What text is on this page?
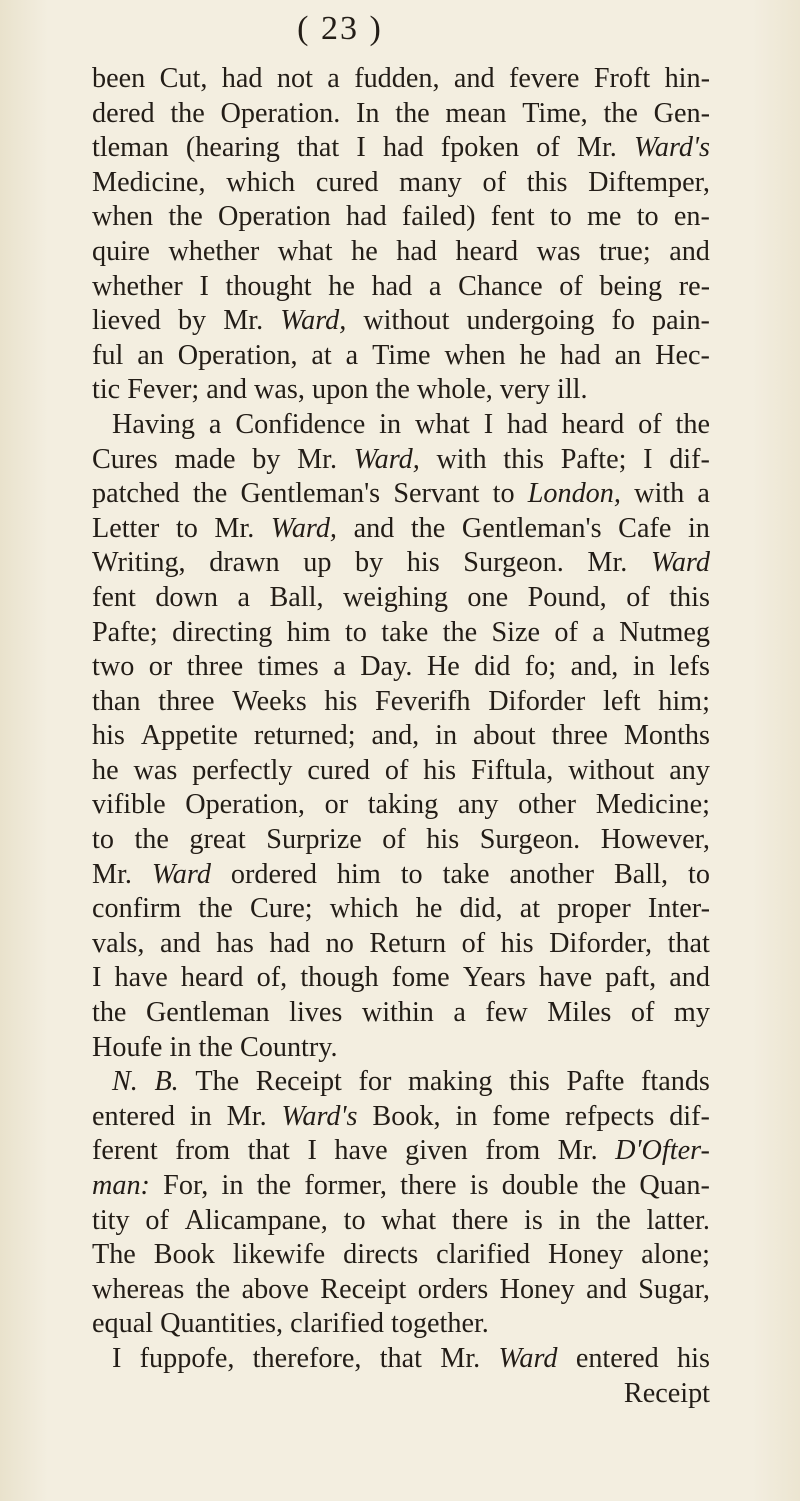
( 23 )
been Cut, had not a fudden, and fevere Froft hin-
dered the Operation. In the mean Time, the Gen-
tleman (hearing that I had fpoken of Mr. Ward's
Medicine, which cured many of this Diftemper,
when the Operation had failed) fent to me to en-
quire whether what he had heard was true; and
whether I thought he had a Chance of being re-
lieved by Mr. Ward, without undergoing fo pain-
ful an Operation, at a Time when he had an Hec-
tic Fever; and was, upon the whole, very ill.
Having a Confidence in what I had heard of the
Cures made by Mr. Ward, with this Pafte; I dif-
patched the Gentleman's Servant to London, with a
Letter to Mr. Ward, and the Gentleman's Cafe in
Writing, drawn up by his Surgeon. Mr. Ward
fent down a Ball, weighing one Pound, of this
Pafte; directing him to take the Size of a Nutmeg
two or three times a Day. He did fo; and, in lefs
than three Weeks his Feverifh Diforder left him;
his Appetite returned; and, in about three Months
he was perfectly cured of his Fiftula, without any
vifible Operation, or taking any other Medicine;
to the great Surprize of his Surgeon. However,
Mr. Ward ordered him to take another Ball, to
confirm the Cure; which he did, at proper Inter-
vals, and has had no Return of his Diforder, that
I have heard of, though fome Years have paft, and
the Gentleman lives within a few Miles of my
Houfe in the Country.
N. B. The Receipt for making this Pafte ftands
entered in Mr. Ward's Book, in fome refpects dif-
ferent from that I have given from Mr. D'Ofter-
man: For, in the former, there is double the Quan-
tity of Alicampane, to what there is in the latter.
The Book likewife directs clarified Honey alone;
whereas the above Receipt orders Honey and Sugar,
equal Quantities, clarified together.
I fuppofe, therefore, that Mr. Ward entered his
Receipt
